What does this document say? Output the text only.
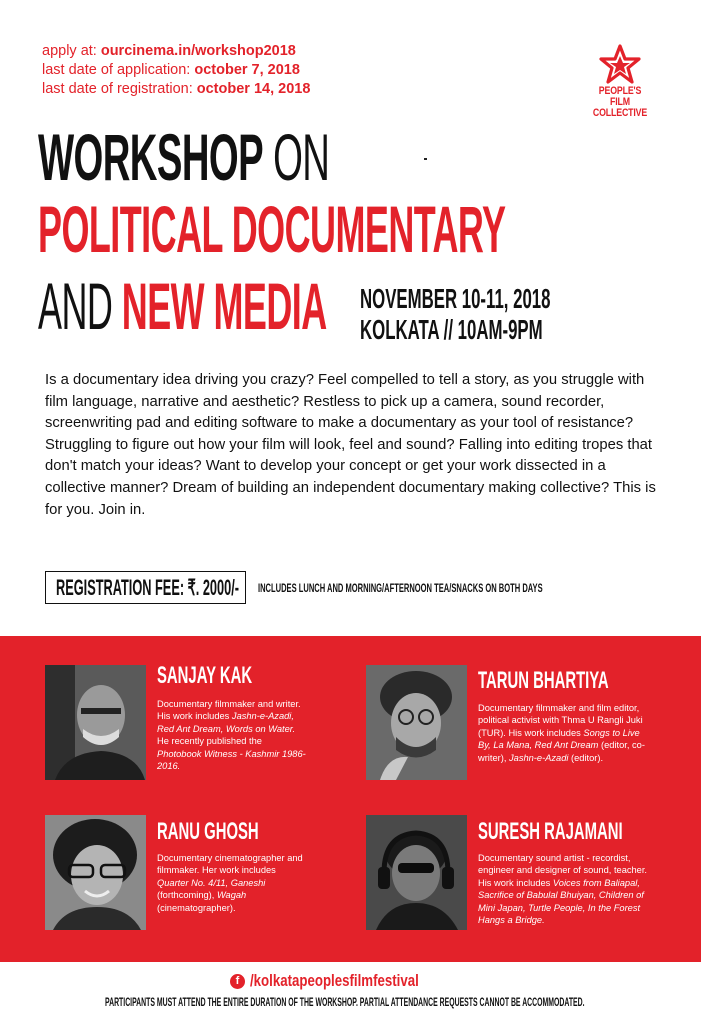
apply at: ourcinema.in/workshop2018
last date of application: october 7, 2018
last date of registration: october 14, 2018	PEOPLE'S
FILM
COLLECTIVE
WORKSHOP ON
POLITICAL DOCUMENTARY
AND NEW MEDIA NOVEMBER 10-11, 2018
KOLKATA // 10AM-9PM

Is a documentary idea driving you crazy? Feel compelled to tell a story, as you struggle with film language, narrative and aesthetic? Restless to pick up a camera, sound recorder, screenwriting pad and editing software to make a documentary as your tool of resistance? Struggling to figure out how your film will look, feel and sound? Falling into editing tropes that don't match your ideas? Want to develop your concept or get your work dissected in a collective manner? Dream of building an independent documentary making collective? This is for you. Join in.

REGISTRATION FEE: ₹. 2000/- INCLUDES LUNCH AND MORNING/AFTERNOON TEA/SNACKS ON BOTH DAYS
SANJAY KAK
Documentary filmmaker and writer. His work includes Jashn-e-Azadi, Red Ant Dream, Words on Water. He recently published the Photobook Witness - Kashmir 1986-2016.
TARUN BHARTIYA
Documentary filmmaker and film editor, political activist with Thma U Rangli Juki (TUR). His work includes Songs to Live By, La Mana, Red Ant Dream (editor, co-writer), Jashn-e-Azadi (editor).
RANU GHOSH
Documentary cinematographer and filmmaker. Her work includes Quarter No. 4/11, Ganeshi (forthcoming), Wagah (cinematographer).
SURESH RAJAMANI
Documentary sound artist - recordist, engineer and designer of sound, teacher. His work includes Voices from Baliapal, Sacrifice of Babulal Bhuiyan, Children of Mini Japan, Turtle People, In the Forest Hangs a Bridge.
f /kolkatapeoplesfilmfestival
PARTICIPANTS MUST ATTEND THE ENTIRE DURATION OF THE WORKSHOP. PARTIAL ATTENDANCE REQUESTS CANNOT BE ACCOMMODATED.
